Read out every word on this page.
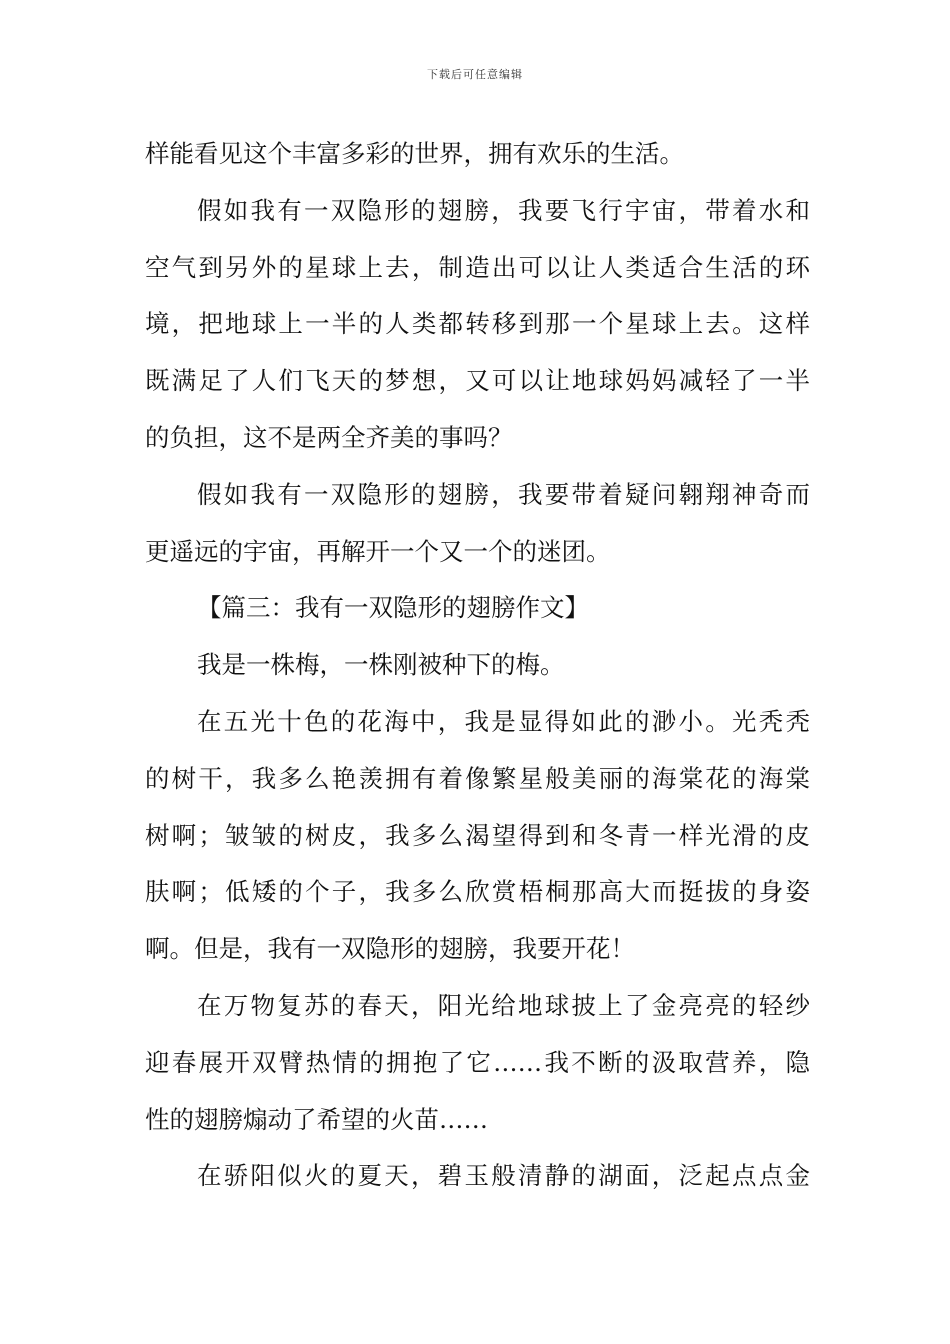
下载后可任意编辑
样能看见这个丰富多彩的世界，拥有欢乐的生活。
假如我有一双隐形的翅膀，我要飞行宇宙，带着水和
空气到另外的星球上去，制造出可以让人类适合生活的环
境，把地球上一半的人类都转移到那一个星球上去。这样
既满足了人们飞天的梦想，又可以让地球妈妈减轻了一半
的负担，这不是两全齐美的事吗？
假如我有一双隐形的翅膀，我要带着疑问翱翔神奇而
更遥远的宇宙，再解开一个又一个的迷团。
【篇三：我有一双隐形的翅膀作文】
我是一株梅，一株刚被种下的梅。
在五光十色的花海中，我是显得如此的渺小。光秃秃
的树干，我多么艳羡拥有着像繁星般美丽的海棠花的海棠
树啊；皱皱的树皮，我多么渴望得到和冬青一样光滑的皮
肤啊；低矮的个子，我多么欣赏梧桐那高大而挺拔的身姿
啊。但是，我有一双隐形的翅膀，我要开花！
在万物复苏的春天，阳光给地球披上了金亮亮的轻纱
迎春展开双臂热情的拥抱了它……我不断的汲取营养，隐
性的翅膀煽动了希望的火苗……
在骄阳似火的夏天，碧玉般清静的湖面，泛起点点金
